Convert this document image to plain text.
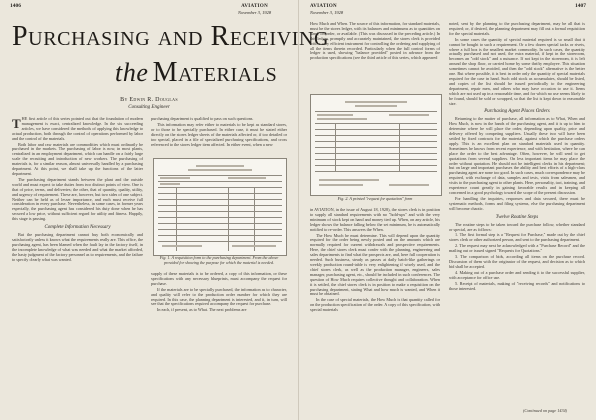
1406	AVIATION
November 3, 1928
Purchasing and Receiving
the Materials
By Edwin R. Douglas
Consulting Engineer

THE first article of this series pointed out that the foundation of modern management is exact, centralized knowledge. In the six succeeding articles, we have considered the methods of applying this knowledge to actual production, both through the control of operations performed by labor and the control of the materials.

Both labor and raw materials are commodities which must ordinarily be purchased in the markets. The purchasing of labor is now, in most plants, centralized in an employment department, which can handle on a fairly large scale the recruiting and introduction of new workers. The purchasing of materials is, for a similar reason, almost universally handled by a purchasing department. At this point, we shall take up the functions of the latter department.

The purchasing department stands between the plant and the outside world and must expect to take duties from two distinct points of view. One is that of price, terms, and deliveries; the other, that of quantity, quality, utility, and urgency of requirement. These are, however, but two sides of one subject. Neither can be held as of lesser importance, and each must receive full consideration in every purchase. Nevertheless, in some cases, in former years especially, the purchasing agent has considered his duty done when he has secured a low price, without sufficient regard for utility and fitness. Happily, this stage is passing.

Complete Information Necessary

But the purchasing department cannot buy both economically and satisfactorily unless it knows what the requirements really are. This office, the purchasing agent, has been blamed when the fault lay in the factory itself, in the incomplete knowledge of what was needed and what the market afforded, the hasty judgment of the factory personnel as to requirements, and the failure to specify clearly what was wanted.

purchasing department is qualified to pass on such questions.

This information may refer either to materials to be kept as standard stores, or to those to be specially purchased. In either case, it must be stated either directly on the stores ledger sheets of the materials affected or, if too detailed or too special, placed in a file of specialized purchasing specifications, and cross referenced to the stores ledger item affected. In either event, when a new

Fig. 1. A requisition form to the purchasing department. From the above provided for showing the purpose for which the material is needed.

supply of these materials is to be ordered, a copy of this information, or these specifications with any necessary blueprints, must accompany the request for purchase.

If the materials are to be specially purchased, the information as to character, and quality will refer to the production order number for which they are required. In this case, the planning department is interested, and it, in turn, will see that the specifications required accompany the request for purchase.

In each, if present, as to What. The next problems are

AVIATION
November 3, 1928
1407

How Much and When. The source of this information, for standard materials, must be the stores ledger, with its balances and minimums as to quantities on hand, on order, or available. (This was discussed in the preceding article.) In this ledger, promptly and accurately maintained, the stores clerk is provided with a very efficient instrument for controlling the ordering and supplying of all the items therein recorded. Particularly when the full control forms of ledger is used, showing "balance provided" posted in advance from the production specifications (see the third article of this series, which appeared

Fig. 2. A printed "request for quotation" form

in AVIATION, in the issue of August 18, 1928), the stores clerk is in position to supply all standard requirements with no "hold-ups" and with the very minimum of stock kept on hand and money tied up. When, on any article, his ledger shows the balance falling below the set minimum, he is automatically notified to re-order. This answers the When.

The How Much he must determine. This will depend upon the quantity required for the order being newly posted and on the amounts which are normally required for current withdrawals and prospective requirements. Here, the chief stores clerk must confer with the planning, engineering and sales departments to find what the prospects are, and, here full cooperation is needed. Such business, steady as passes at daily batch-like gatherings or weekly production round-table is very enlightening if wisely used, and the chief stores clerk, as well as the production manager, engineers, sales manager, purchasing agent, etc., should be included in such conferences. The question of How Much requires collective thought and collaboration. When it is settled, the chief stores clerk is in position to make a requisition on the purchasing department, stating What and how much is wanted, and When it must be obtained.

In the case of special materials, the How Much is that quantity called for on the production specification of the order. A copy of this specification, with special materials

noted, sent by the planning to the purchasing department, may be all that is required; or, if desired, the planning department may fill out a formal requisition for the special materials.

In some cases the quantity of special material required is so small that it cannot be bought to such a requirement. Or a few dozen special tacks or rivets, where a full box is the smallest market commodity. In such cases, the quantity actually purchased and not used, the extra material, if kept in the storeroom, becomes an "odd stock" and a nuisance. If not kept in the storeroom, it is left around the shop floor, or carried home by some thrifty employee. This situation sometimes cannot be avoided, and then the "odd stock" alternative is the better one. But where possible, it is best in order only the quantity of special materials required for the case in hand. Such odd stock as accumulates, should be listed, and copies of the list should be issued periodically to the engineering department, repair men, and others who may have occasion to use it. Items which are not used up in a reasonable time, and for which no use seems likely to be found, should be sold or scrapped, so that the list is kept down to reasonable size.

Purchasing Agent Places Orders

Returning to the matter of purchase, all information as to What, When and How Much, is now in the hands of the purchasing agent, and it is up to him to determine where he will place the order, depending upon quality, price and delivery offered by competing suppliers. Usually these two will have been settled by fixed contracts for the material, against which the purchase orders apply. This is an excellent plan on standard materials used in quantity. Sometimes he knows from recent experience, and with hesitation, where he can place the order to the best advantage. Often, however, he will send to get quotations from several suppliers. On less important items he may place the order without quotation. He should not be intelligent clerks in his department; but on large and important purchases the ability and best efforts of a high-class purchasing agent are none too good. In such cases, much correspondence may be required, with exchange of data, samples and tests, visits from salesmen, and visits to the purchasing agent to other plants. Here, personality, tact, training, and experience count greatly in gaining favorable results and in keeping all concerned in a good psychology toward the scope of the present discussion.

For handling the inquiries, responses and data secured, there must be systematic methods, forms and filing systems, else the purchasing department will become chaotic.

Twelve Routine Steps

The routine steps to be taken toward the purchase follow, whether standard or special, are as follows:

1. The first formal step is a "Request for Purchase," made out by the chief stores clerk or other authorized person, and sent to the purchasing department.

2. The request may next be acknowledged with a "Purchase Record" and the mailing out or issued signed "Requests for Quotations."

3. The comparison of bids, according all items on the purchase record. Discussion of them with the originator of the request, and decision as to which bid shall be accepted.

4. Making out of a purchase order and sending it to the successful supplier, with acceptance for office use.

5. Receipt of materials, making of "receiving records" and notifications to those interested.

(Continued on page 1434)
